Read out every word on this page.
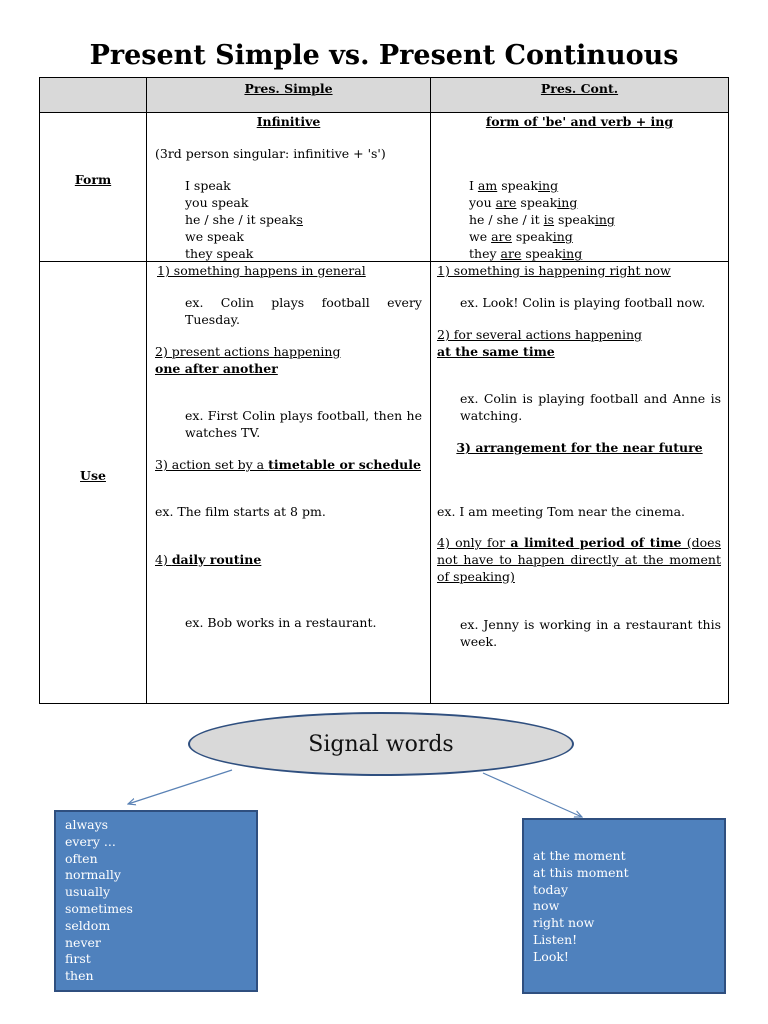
Present Simple vs. Present Continuous
Pres. Simple	Pres. Cont.
Form
Use
Infinitive
(3rd person singular: infinitive + 's')
I speak
you speak
he / she / it speaks
we speak
they speak
form of 'be' and verb + ing
I am speaking
you are speaking
he / she / it is speaking
we are speaking
they are speaking
1) something happens in general
ex. Colin plays football every Tuesday.
2) present actions happening
one after another
ex. First Colin plays football, then he watches TV.
3) action set by a timetable or schedule
ex. The film starts at 8 pm.
4) daily routine
ex. Bob works in a restaurant.
1) something is happening right now
ex. Look! Colin is playing football now.
2) for several actions happening
at the same time
ex. Colin is playing football and Anne is watching.
3) arrangement for the near future
ex. I am meeting Tom near the cinema.
4) only for a limited period of time (does not have to happen directly at the moment of speaking)
ex. Jenny is working in a restaurant this week.
Signal words
always
every ...
often
normally
usually
sometimes
seldom
never
first
then
at the moment
at this moment
today
now
right now
Listen!
Look!
